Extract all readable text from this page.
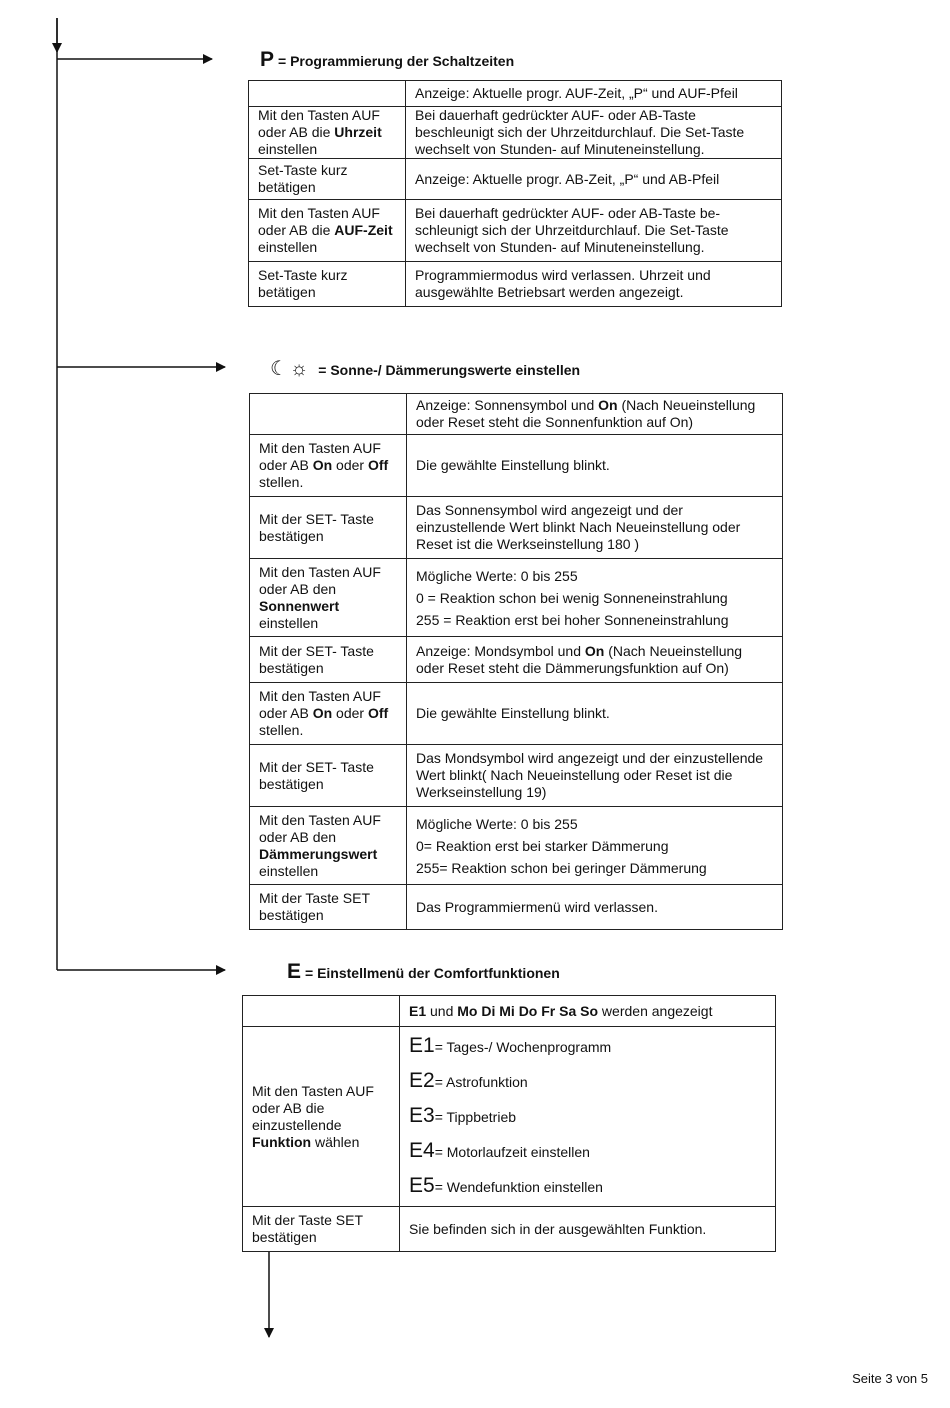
P = Programmierung der Schaltzeiten
	Anzeige: Aktuelle progr. AUF-Zeit, „P“ und AUF-Pfeil
Mit den Tasten AUF oder AB die Uhrzeit einstellen	Bei dauerhaft gedrückter AUF- oder AB-Taste beschleunigt sich der Uhrzeitdurchlauf. Die Set-Taste wechselt von Stunden- auf Minuteneinstellung.
Set-Taste kurz betätigen	Anzeige: Aktuelle progr. AB-Zeit, „P“ und AB-Pfeil
Mit den Tasten AUF oder AB die AUF-Zeit einstellen	Bei dauerhaft gedrückter AUF- oder AB-Taste be-schleunigt sich der Uhrzeitdurchlauf. Die Set-Taste wechselt von Stunden- auf Minuteneinstellung.
Set-Taste kurz betätigen	Programmiermodus wird verlassen. Uhrzeit und ausgewählte Betriebsart werden angezeigt.
☾☼ = Sonne-/ Dämmerungswerte einstellen
	Anzeige: Sonnensymbol und On (Nach Neueinstellung oder Reset steht die Sonnenfunktion auf On)
Mit den Tasten AUF oder AB On oder Off stellen.	Die gewählte Einstellung blinkt.
Mit der SET- Taste bestätigen	Das Sonnensymbol wird angezeigt und der einzustellende Wert blinkt Nach Neueinstellung oder Reset ist die Werkseinstellung 180 )
Mit den Tasten AUF oder AB den Sonnenwert einstellen	Mögliche Werte: 0 bis 255
0 = Reaktion schon bei wenig Sonneneinstrahlung
255 = Reaktion erst bei hoher Sonneneinstrahlung

Mit der SET- Taste bestätigen	Anzeige: Mondsymbol und On (Nach Neueinstellung oder Reset steht die Dämmerungsfunktion auf On)
Mit den Tasten AUF oder AB On oder Off stellen.	Die gewählte Einstellung blinkt.
Mit der SET- Taste bestätigen	Das Mondsymbol wird angezeigt und der einzustellende Wert blinkt( Nach Neueinstellung oder Reset ist die Werkseinstellung 19)
Mit den Tasten AUF oder AB den Dämmerungswert einstellen	Mögliche Werte: 0 bis 255
0= Reaktion erst bei starker Dämmerung
255= Reaktion schon bei geringer Dämmerung

Mit der Taste SET bestätigen	Das Programmiermenü wird verlassen.
E = Einstellmenü der Comfortfunktionen
	E1 und Mo Di Mi Do Fr Sa So werden angezeigt
Mit den Tasten AUF oder AB die einzustellende Funktion wählen	E1= Tages-/ Wochenprogramm
E2= Astrofunktion
E3= Tippbetrieb
E4= Motorlaufzeit einstellen
E5= Wendefunktion einstellen

Mit der Taste SET bestätigen	Sie befinden sich in der ausgewählten Funktion.
Seite 3 von 5
